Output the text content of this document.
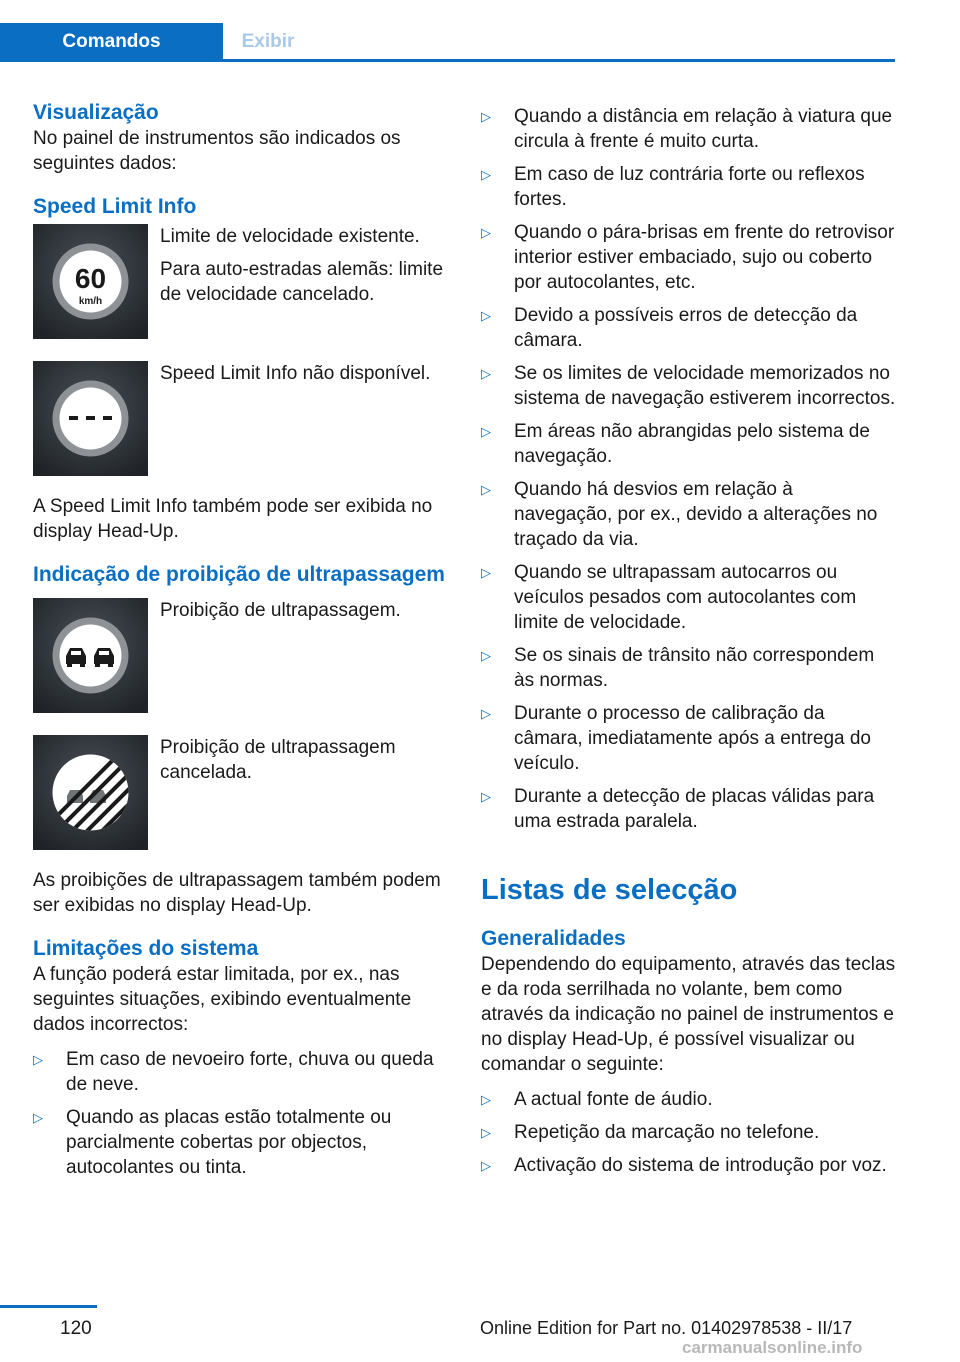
Comandos	Exibir
Visualização

No painel de instrumentos são indicados os seguintes dados:

Speed Limit Info
60
km/h

Limite de velocidade existente.

Para auto-estradas alemãs: limite de velocidade cancelado.

Speed Limit Info não disponível.

A Speed Limit Info também pode ser exibida no display Head-Up.

Indicação de proibição de ultrapassagem

Proibição de ultrapassagem.

Proibição de ultrapassagem cancelada.

As proibições de ultrapassagem também podem ser exibidas no display Head-Up.

Limitações do sistema

A função poderá estar limitada, por ex., nas seguintes situações, exibindo eventualmente dados incorrectos:

▷	Em caso de nevoeiro forte, chuva ou queda de neve.
▷	Quando as placas estão totalmente ou parcialmente cobertas por objectos, autocolantes ou tinta.
▷	Quando a distância em relação à viatura que circula à frente é muito curta.
▷	Em caso de luz contrária forte ou reflexos fortes.
▷	Quando o pára-brisas em frente do retrovisor interior estiver embaciado, sujo ou coberto por autocolantes, etc.
▷	Devido a possíveis erros de detecção da câmara.
▷	Se os limites de velocidade memorizados no sistema de navegação estiverem incorrectos.
▷	Em áreas não abrangidas pelo sistema de navegação.
▷	Quando há desvios em relação à navegação, por ex., devido a alterações no traçado da via.
▷	Quando se ultrapassam autocarros ou veículos pesados com autocolantes com limite de velocidade.
▷	Se os sinais de trânsito não correspondem às normas.
▷	Durante o processo de calibração da câmara, imediatamente após a entrega do veículo.
▷	Durante a detecção de placas válidas para uma estrada paralela.
Listas de selecção
Generalidades

Dependendo do equipamento, através das teclas e da roda serrilhada no volante, bem como através da indicação no painel de instrumentos e no display Head-Up, é possível visualizar ou comandar o seguinte:

▷	A actual fonte de áudio.
▷	Repetição da marcação no telefone.
▷	Activação do sistema de introdução por voz.
120	Online Edition for Part no. 01402978538 - II/17
carmanualsonline.info
